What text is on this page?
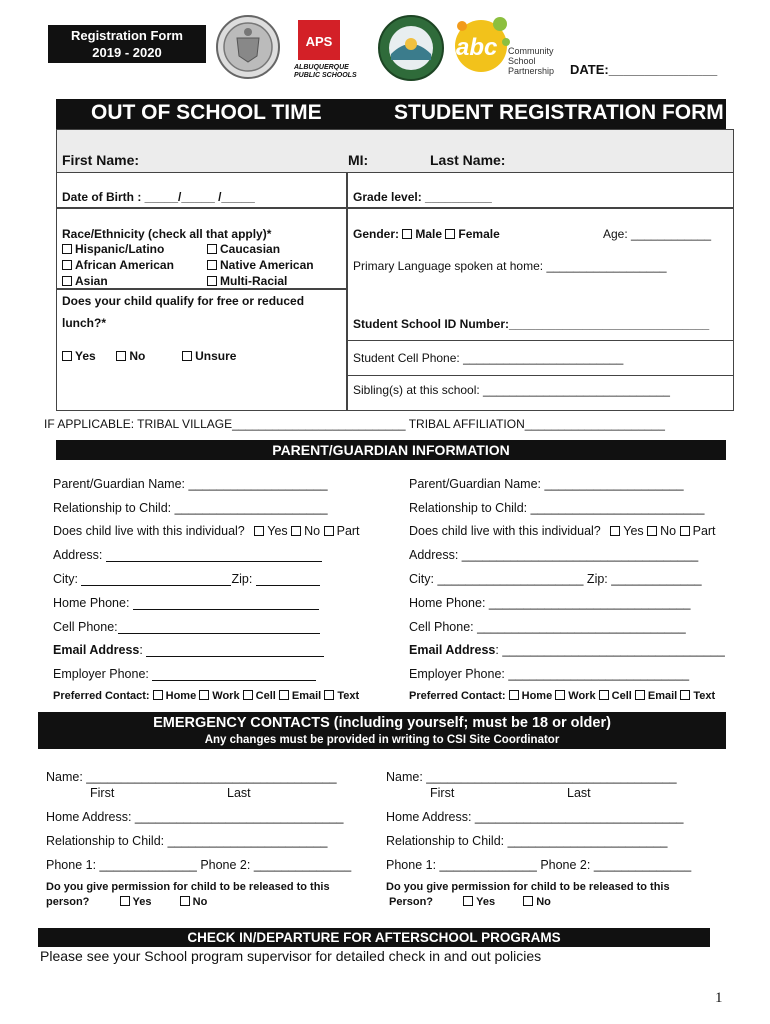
Registration Form
2019 - 2020
APS
ALBUQUERQUE
PUBLIC SCHOOLS
abc Community
School
Partnership DATE:_______________
OUT OF SCHOOL TIME	STUDENT REGISTRATION FORM
First Name:	MI:	Last Name:
Date of Birth : _____/_____ /_____	Grade level: __________
Race/Ethnicity (check all that apply)*
Hispanic/Latino	Caucasian
African American	Native American
Asian	Multi-Racial
Gender: Male Female	Age: ____________
Primary Language spoken at home: __________________
Does your child qualify for free or reduced
lunch?*
Yes	No	Unsure
Student School ID Number:______________________________
Student Cell Phone: ________________________
Sibling(s) at this school: ____________________________
IF APPLICABLE: TRIBAL VILLAGE__________________________ TRIBAL AFFILIATION_____________________
PARENT/GUARDIAN INFORMATION
Parent/Guardian Name: ____________________
Relationship to Child: ______________________
Does child live with this individual? Yes No Part
Address:
City:	Zip:
Home Phone:
Cell Phone:
Email Address:
Employer Phone:
Preferred Contact: Home Work Cell Email Text
Parent/Guardian Name: ____________________
Relationship to Child: _________________________
Does child live with this individual? Yes No Part
Address: __________________________________
City: _____________________ Zip: _____________
Home Phone: _____________________________
Cell Phone: ______________________________
Email Address: ________________________________
Employer Phone: __________________________
Preferred Contact: Home Work Cell Email Text
EMERGENCY CONTACTS (including yourself; must be 18 or older)
Any changes must be provided in writing to CSI Site Coordinator
Name: ____________________________________
First	Last
Home Address: ______________________________
Relationship to Child: _______________________
Phone 1: ______________ Phone 2: ______________
Do you give permission for child to be released to this
person?	Yes	No
Name: ____________________________________
First	Last
Home Address: ______________________________
Relationship to Child: _______________________
Phone 1: ______________ Phone 2: ______________
Do you give permission for child to be released to this
Person?	Yes	No
CHECK IN/DEPARTURE FOR AFTERSCHOOL PROGRAMS
Please see your School program supervisor for detailed check in and out policies
1
